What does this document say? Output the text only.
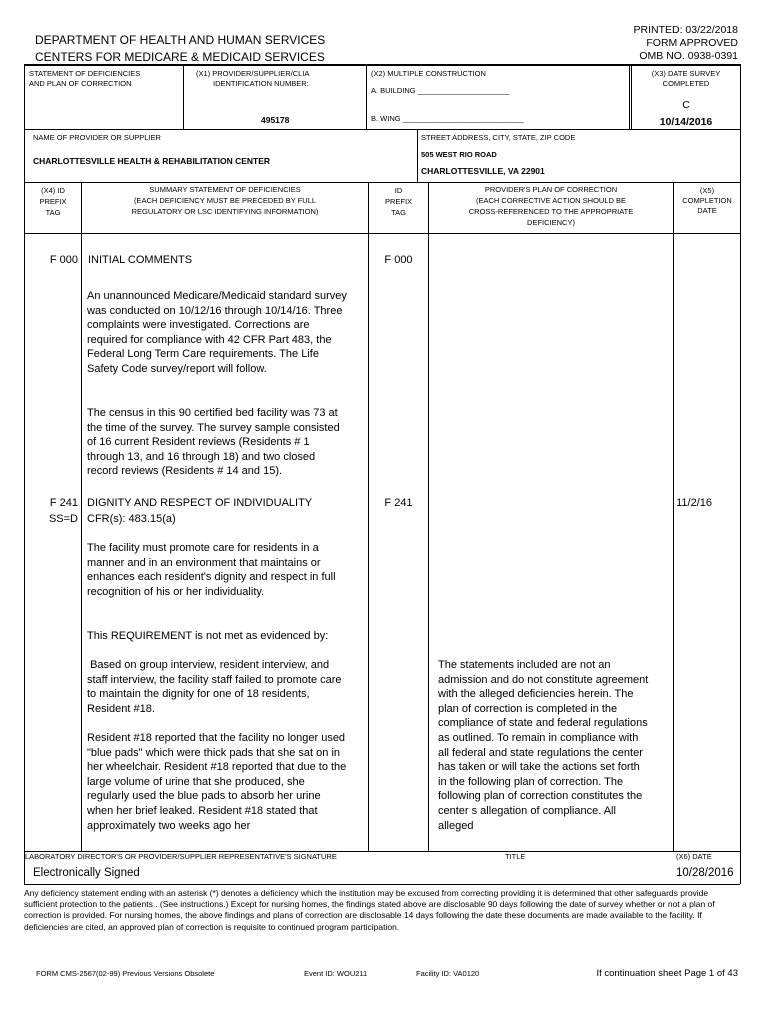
PRINTED: 03/22/2018
FORM APPROVED
OMB NO. 0938-0391
DEPARTMENT OF HEALTH AND HUMAN SERVICES
CENTERS FOR MEDICARE & MEDICAID SERVICES
STATEMENT OF DEFICIENCIES
AND PLAN OF CORRECTION
(X1) PROVIDER/SUPPLIER/CLIA
IDENTIFICATION NUMBER:
495178
(X2) MULTIPLE CONSTRUCTION
A. BUILDING ______________________
B. WING _____________________________
(X3) DATE SURVEY
COMPLETED
C
10/14/2016
NAME OF PROVIDER OR SUPPLIER
CHARLOTTESVILLE HEALTH & REHABILITATION CENTER
STREET ADDRESS, CITY, STATE, ZIP CODE
505 WEST RIO ROAD
CHARLOTTESVILLE, VA 22901
(X4) ID
PREFIX
TAG
SUMMARY STATEMENT OF DEFICIENCIES
(EACH DEFICIENCY MUST BE PRECEDED BY FULL
REGULATORY OR LSC IDENTIFYING INFORMATION)
ID
PREFIX
TAG
PROVIDER'S PLAN OF CORRECTION
(EACH CORRECTIVE ACTION SHOULD BE
CROSS-REFERENCED TO THE APPROPRIATE
DEFICIENCY)
(X5)
COMPLETION
DATE
F 000 INITIAL COMMENTS	F 000
An unannounced Medicare/Medicaid standard survey was conducted on 10/12/16 through 10/14/16. Three complaints were investigated. Corrections are required for compliance with 42 CFR Part 483, the Federal Long Term Care requirements. The Life Safety Code survey/report will follow.
The census in this 90 certified bed facility was 73 at the time of the survey. The survey sample consisted of 16 current Resident reviews (Residents # 1 through 13, and 16 through 18) and two closed record reviews (Residents # 14 and 15).
F 241
SS=D
DIGNITY AND RESPECT OF INDIVIDUALITY
CFR(s): 483.15(a)
F 241	11/2/16
The facility must promote care for residents in a manner and in an environment that maintains or enhances each resident's dignity and respect in full recognition of his or her individuality.
This REQUIREMENT is not met as evidenced by:
Based on group interview, resident interview, and staff interview, the facility staff failed to promote care to maintain the dignity for one of 18 residents, Resident #18.
Resident #18 reported that the facility no longer used "blue pads" which were thick pads that she sat on in her wheelchair. Resident #18 reported that due to the large volume of urine that she produced, she regularly used the blue pads to absorb her urine when her brief leaked. Resident #18 stated that approximately two weeks ago her
The statements included are not an admission and do not constitute agreement with the alleged deficiencies herein. The plan of correction is completed in the compliance of state and federal regulations as outlined. To remain in compliance with all federal and state regulations the center has taken or will take the actions set forth in the following plan of correction. The following plan of correction constitutes the center s allegation of compliance. All alleged
LABORATORY DIRECTOR'S OR PROVIDER/SUPPLIER REPRESENTATIVE'S SIGNATURE	TITLE	(X6) DATE
Electronically Signed	10/28/2016
Any deficiency statement ending with an asterisk (*) denotes a deficiency which the institution may be excused from correcting providing it is determined that other safeguards provide sufficient protection to the patients . (See instructions.) Except for nursing homes, the findings stated above are disclosable 90 days following the date of survey whether or not a plan of correction is provided. For nursing homes, the above findings and plans of correction are disclosable 14 days following the date these documents are made available to the facility. If deficiencies are cited, an approved plan of correction is requisite to continued program participation.
FORM CMS-2567(02-99) Previous Versions Obsolete	Event ID: WOU211	Facility ID: VA0120	If continuation sheet Page 1 of 43
